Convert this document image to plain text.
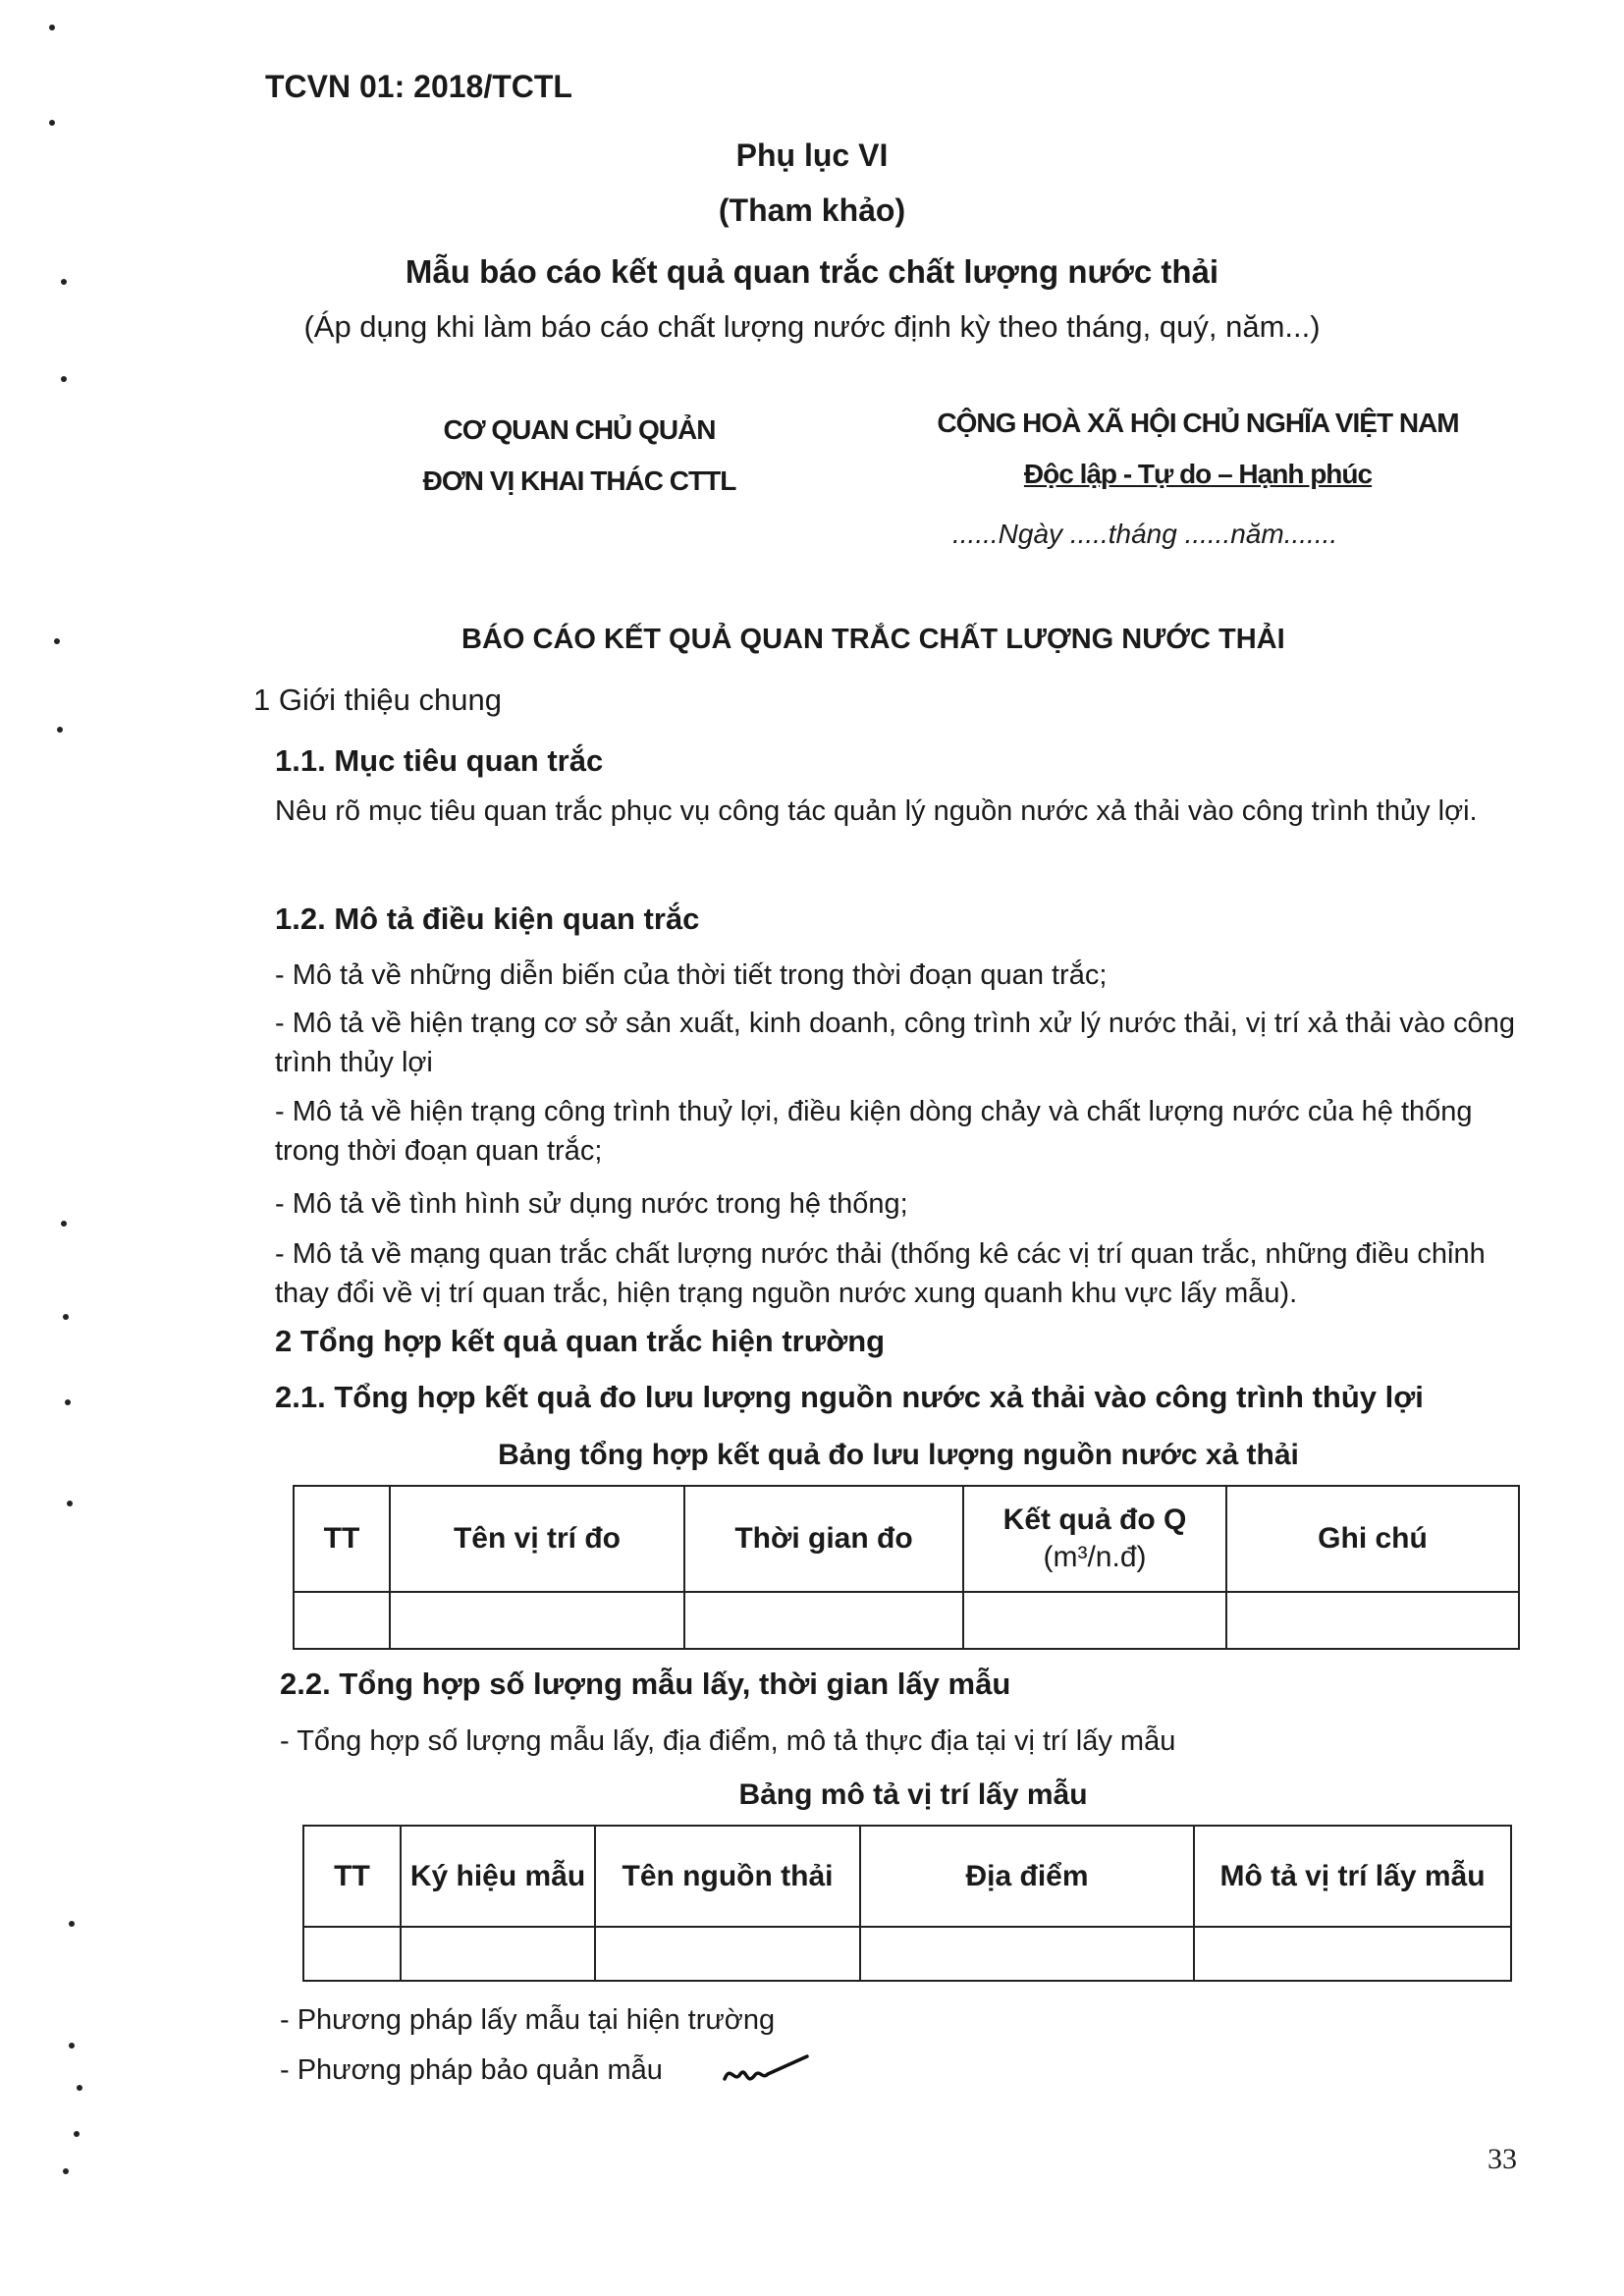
TCVN 01: 2018/TCTL
Phụ lục VI
(Tham khảo)
Mẫu báo cáo kết quả quan trắc chất lượng nước thải
(Áp dụng khi làm báo cáo chất lượng nước định kỳ theo tháng, quý, năm...)
CƠ QUAN CHỦ QUẢN
ĐƠN VỊ KHAI THÁC CTTL
CỘNG HOÀ XÃ HỘI CHỦ NGHĨA VIỆT NAM
Độc lập - Tự do – Hạnh phúc
......Ngày .....tháng ......năm.......
BÁO CÁO KẾT QUẢ QUAN TRẮC CHẤT LƯỢNG NƯỚC THẢI
1 Giới thiệu chung
1.1. Mục tiêu quan trắc
Nêu rõ mục tiêu quan trắc phục vụ công tác quản lý nguồn nước xả thải vào công trình thủy lợi.
1.2. Mô tả điều kiện quan trắc
- Mô tả về những diễn biến của thời tiết trong thời đoạn quan trắc;
- Mô tả về hiện trạng cơ sở sản xuất, kinh doanh, công trình xử lý nước thải, vị trí xả thải vào công trình thủy lợi
- Mô tả về hiện trạng công trình thuỷ lợi, điều kiện dòng chảy và chất lượng nước của hệ thống trong thời đoạn quan trắc;
- Mô tả về tình hình sử dụng nước trong hệ thống;
- Mô tả về mạng quan trắc chất lượng nước thải (thống kê các vị trí quan trắc, những điều chỉnh thay đổi về vị trí quan trắc, hiện trạng nguồn nước xung quanh khu vực lấy mẫu).
2 Tổng hợp kết quả quan trắc hiện trường
2.1. Tổng hợp kết quả đo lưu lượng nguồn nước xả thải vào công trình thủy lợi
Bảng tổng hợp kết quả đo lưu lượng nguồn nước xả thải
TT	Tên vị trí đo	Thời gian đo	Kết quả đo Q
(m³/n.đ)	Ghi chú

2.2. Tổng hợp số lượng mẫu lấy, thời gian lấy mẫu
- Tổng hợp số lượng mẫu lấy, địa điểm, mô tả thực địa tại vị trí lấy mẫu
Bảng mô tả vị trí lấy mẫu
TT	Ký hiệu mẫu	Tên nguồn thải	Địa điểm	Mô tả vị trí lấy mẫu

- Phương pháp lấy mẫu tại hiện trường
- Phương pháp bảo quản mẫu
33
